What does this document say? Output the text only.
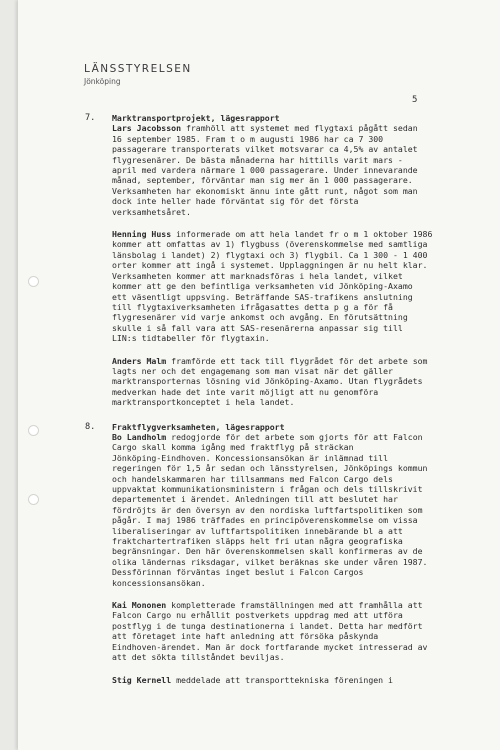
LÄNSSTYRELSEN
Jönköping
5
7. Marktransportprojekt, lägesrapport

Lars Jacobsson framhöll att systemet med flygtaxi pågått sedan
16 september 1985. Fram t o m augusti 1986 har ca 7 300
passagerare transporterats vilket motsvarar ca 4,5% av antalet
flygresenärer. De bästa månaderna har hittills varit mars -
april med vardera närmare 1 000 passagerare. Under innevarande
månad, september, förväntar man sig mer än 1 000 passagerare.
Verksamheten har ekonomiskt ännu inte gått runt, något som man
dock inte heller hade förväntat sig för det första
verksamhetsåret.

Henning Huss informerade om att hela landet fr o m 1 oktober 1986
kommer att omfattas av 1) flygbuss (överenskommelse med samtliga
länsbolag i landet) 2) flygtaxi och 3) flygbil. Ca 1 300 - 1 400
orter kommer att ingå i systemet. Upplaggningen är nu helt klar.
Verksamheten kommer att marknadsföras i hela landet, vilket
kommer att ge den befintliga verksamheten vid Jönköping-Axamo
ett väsentligt uppsving. Beträffande SAS-trafikens anslutning
till flygtaxiverksamheten ifrågasattes detta p g a för få
flygresenärer vid varje ankomst och avgång. En förutsättning
skulle i så fall vara att SAS-resenärerna anpassar sig till
LIN:s tidtabeller för flygtaxin.

Anders Malm framförde ett tack till flygrådet för det arbete som
lagts ner och det engagemang som man visat när det gäller
marktransporternas lösning vid Jönköping-Axamo. Utan flygrådets
medverkan hade det inte varit möjligt att nu genomföra
marktransportkonceptet i hela landet.

8. Fraktflygverksamheten, lägesrapport

Bo Landholm redogjorde för det arbete som gjorts för att Falcon
Cargo skall komma igång med fraktflyg på sträckan
Jönköping-Eindhoven. Koncessionsansökan är inlämnad till
regeringen för 1,5 år sedan och länsstyrelsen, Jönköpings kommun
och handelskammaren har tillsammans med Falcon Cargo dels
uppvaktat kommunikationsministern i frågan och dels tillskrivit
departementet i ärendet. Anledningen till att beslutet har
fördröjts är den översyn av den nordiska luftfartspolitiken som
pågår. I maj 1986 träffades en principöverenskommelse om vissa
liberaliseringar av luftfartspolitiken innebärande bl a att
fraktchartertrafiken släpps helt fri utan några geografiska
begränsningar. Den här överenskommelsen skall konfirmeras av de
olika ländernas riksdagar, vilket beräknas ske under våren 1987.
Dessförinnan förväntas inget beslut i Falcon Cargos
koncessionsansökan.

Kai Mononen kompletterade framställningen med att framhålla att
Falcon Cargo nu erhållit postverkets uppdrag med att utföra
postflyg i de tunga destinationerna i landet. Detta har medfört
att företaget inte haft anledning att försöka påskynda
Eindhoven-ärendet. Man är dock fortfarande mycket intresserad av
att det sökta tillståndet beviljas.

Stig Kernell meddelade att transporttekniska föreningen i
